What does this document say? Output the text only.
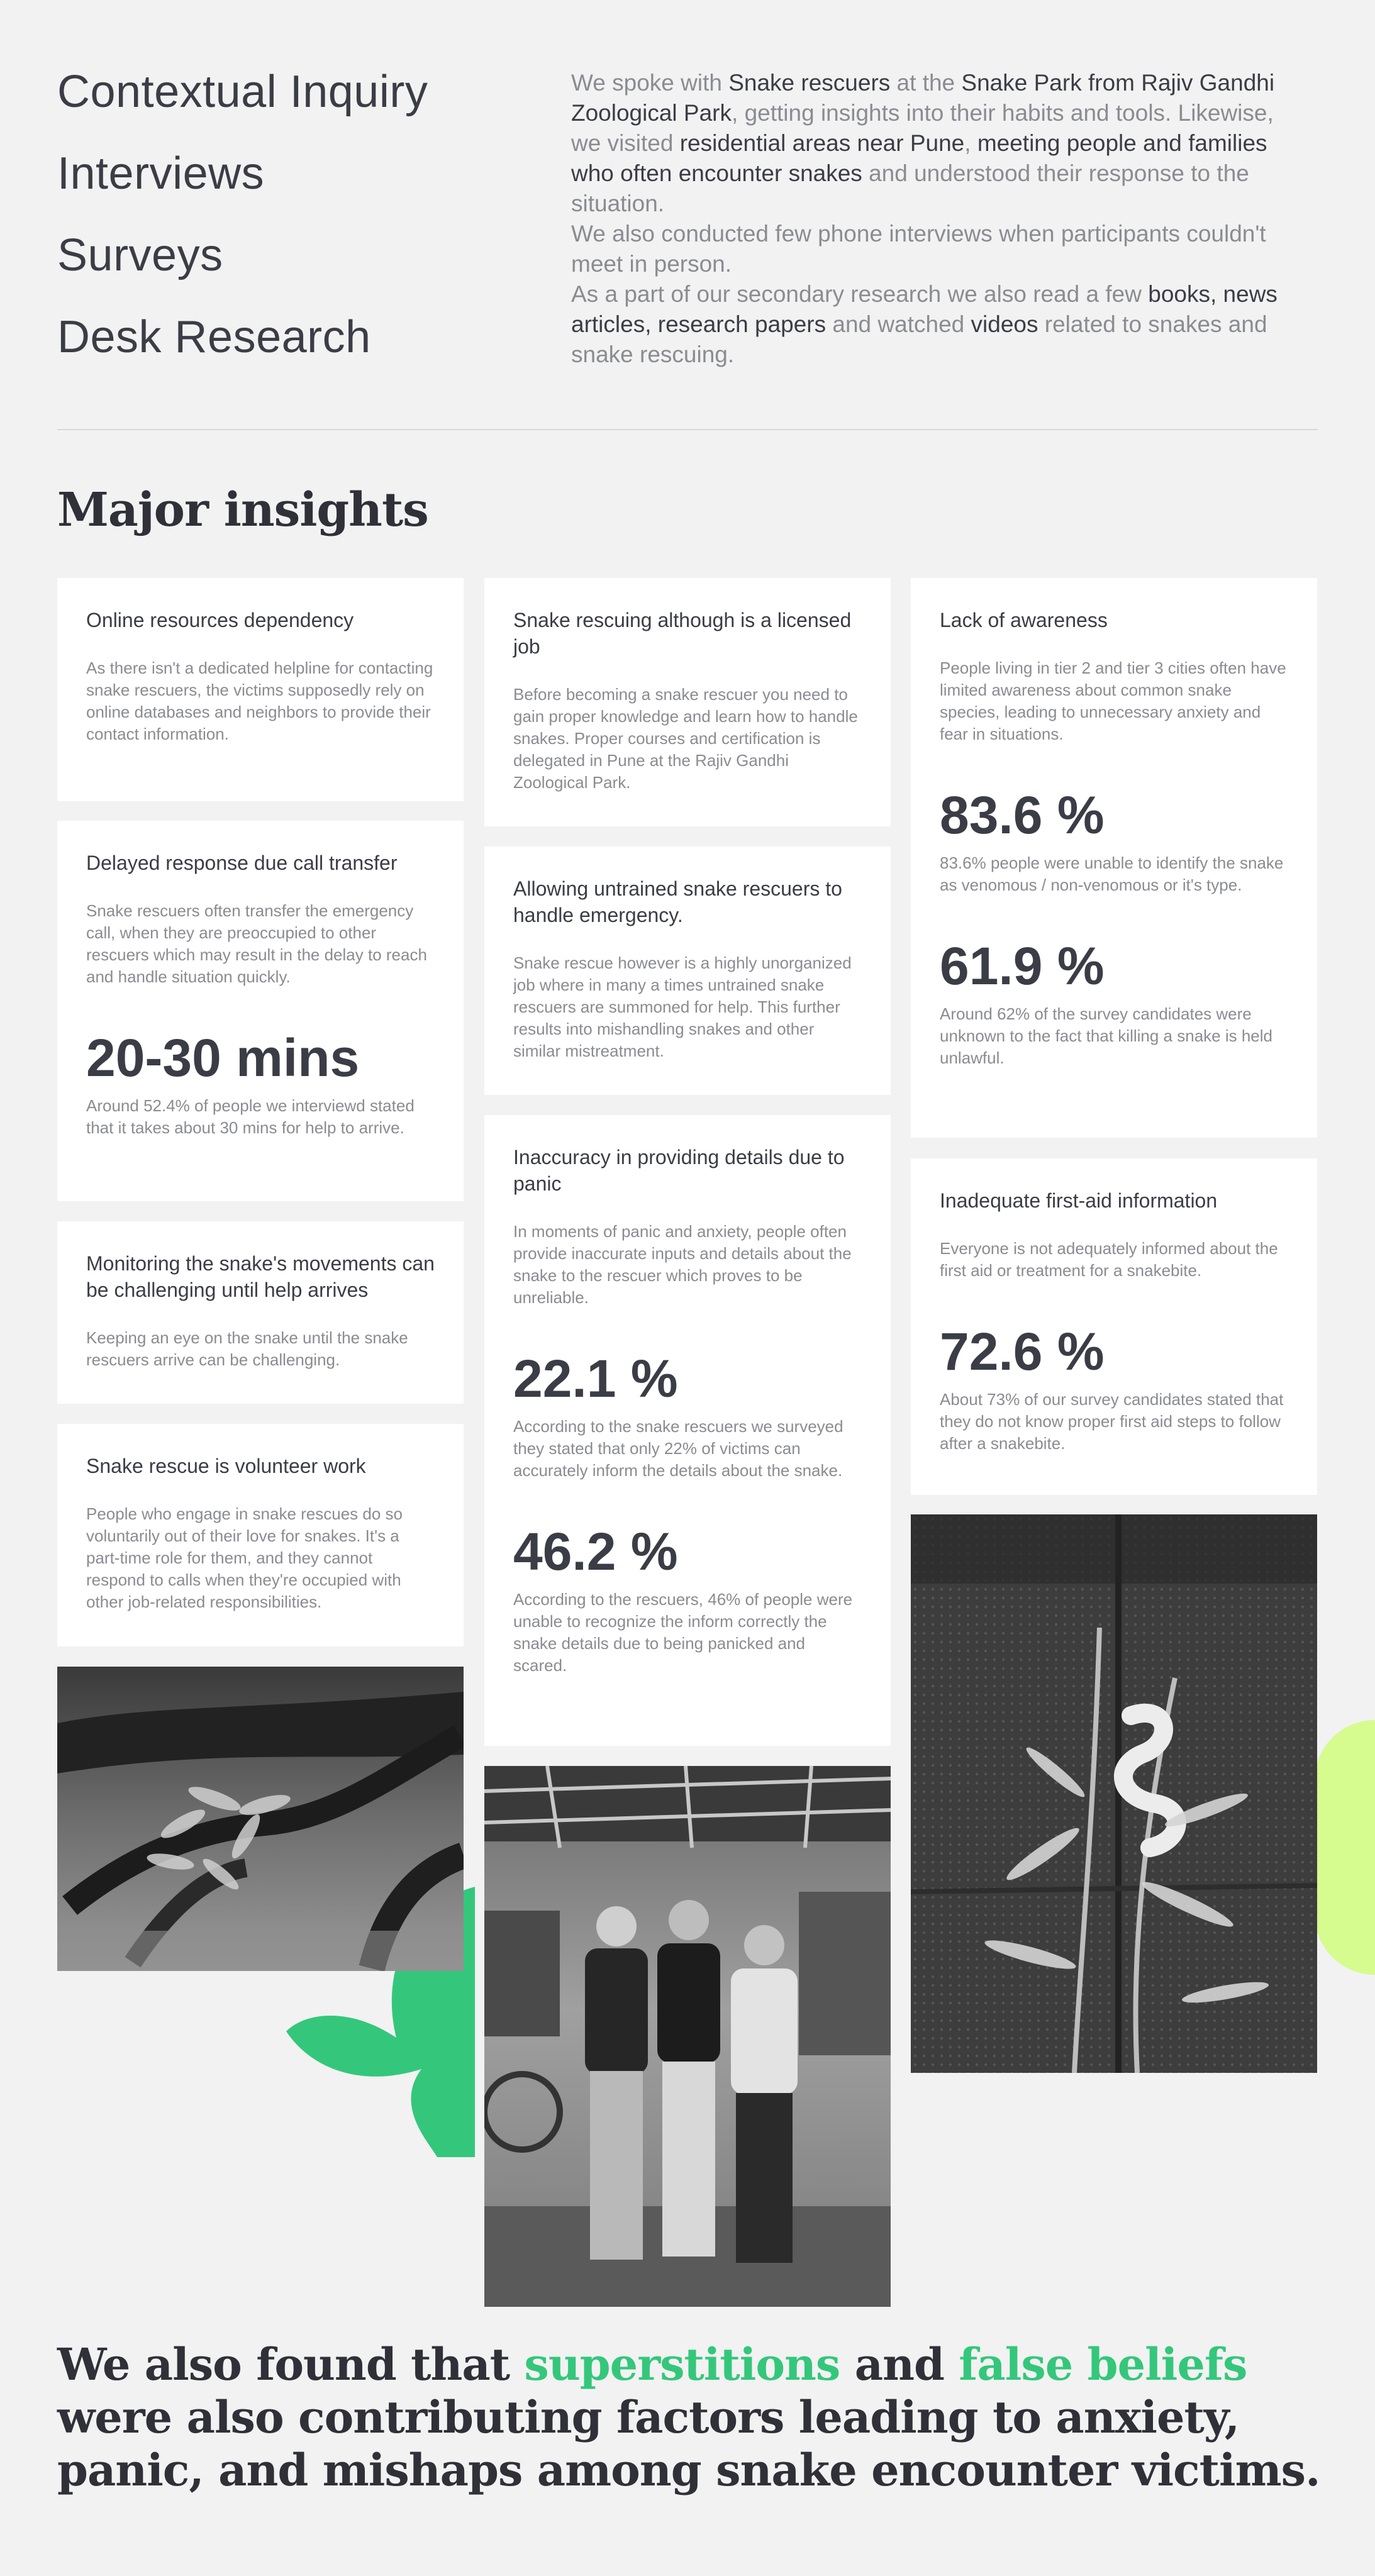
Contextual Inquiry
Interviews
Surveys
Desk Research

We spoke with Snake rescuers at the Snake Park from Rajiv Gandhi Zoological Park, getting insights into their habits and tools. Likewise, we visited residential areas near Pune, meeting people and families who often encounter snakes and understood their response to the situation.

We also conducted few phone interviews when participants couldn't meet in person.

As a part of our secondary research we also read a few books, news articles, research papers and watched videos related to snakes and snake rescuing.

Major insights

Online resources dependency

As there isn't a dedicated helpline for contacting snake rescuers, the victims supposedly rely on online databases and neighbors to provide their contact information.

Delayed response due call transfer

Snake rescuers often transfer the emergency call, when they are preoccupied to other rescuers which may result in the delay to reach and handle situation quickly.

20-30 mins

Around 52.4% of people we interviewd stated that it takes about 30 mins for help to arrive.

Monitoring the snake's movements can be challenging until help arrives

Keeping an eye on the snake until the snake rescuers arrive can be challenging.

Snake rescue is volunteer work

People who engage in snake rescues do so voluntarily out of their love for snakes. It's a part-time role for them, and they cannot respond to calls when they're occupied with other job-related responsibilities.

Snake rescuing although is a licensed job

Before becoming a snake rescuer you need to gain proper knowledge and learn how to handle snakes. Proper courses and certification is delegated in Pune at the Rajiv Gandhi Zoological Park.

Allowing untrained snake rescuers to handle emergency.

Snake rescue however is a highly unorganized job where in many a times untrained snake rescuers are summoned for help. This further results into mishandling snakes and other similar mistreatment.

Inaccuracy in providing details due to panic

In moments of panic and anxiety, people often provide inaccurate inputs and details about the snake to the rescuer which proves to be unreliable.

22.1 %

According to the snake rescuers we surveyed they stated that only 22% of victims can accurately inform the details about the snake.

46.2 %

According to the rescuers, 46% of people were unable to recognize the inform correctly the snake details due to being panicked and scared.

Lack of awareness

People living in tier 2 and tier 3 cities often have limited awareness about common snake species, leading to unnecessary anxiety and fear in situations.

83.6 %

83.6% people were unable to identify the snake as venomous / non-venomous or it's type.

61.9 %

Around 62% of the survey candidates were unknown to the fact that killing a snake is held unlawful.

Inadequate first-aid information

Everyone is not adequately informed about the first aid or treatment for a snakebite.

72.6 %

About 73% of our survey candidates stated that they do not know proper first aid steps to follow after a snakebite.

We also found that superstitions and false beliefs were also contributing factors leading to anxiety, panic, and mishaps among snake encounter victims.
